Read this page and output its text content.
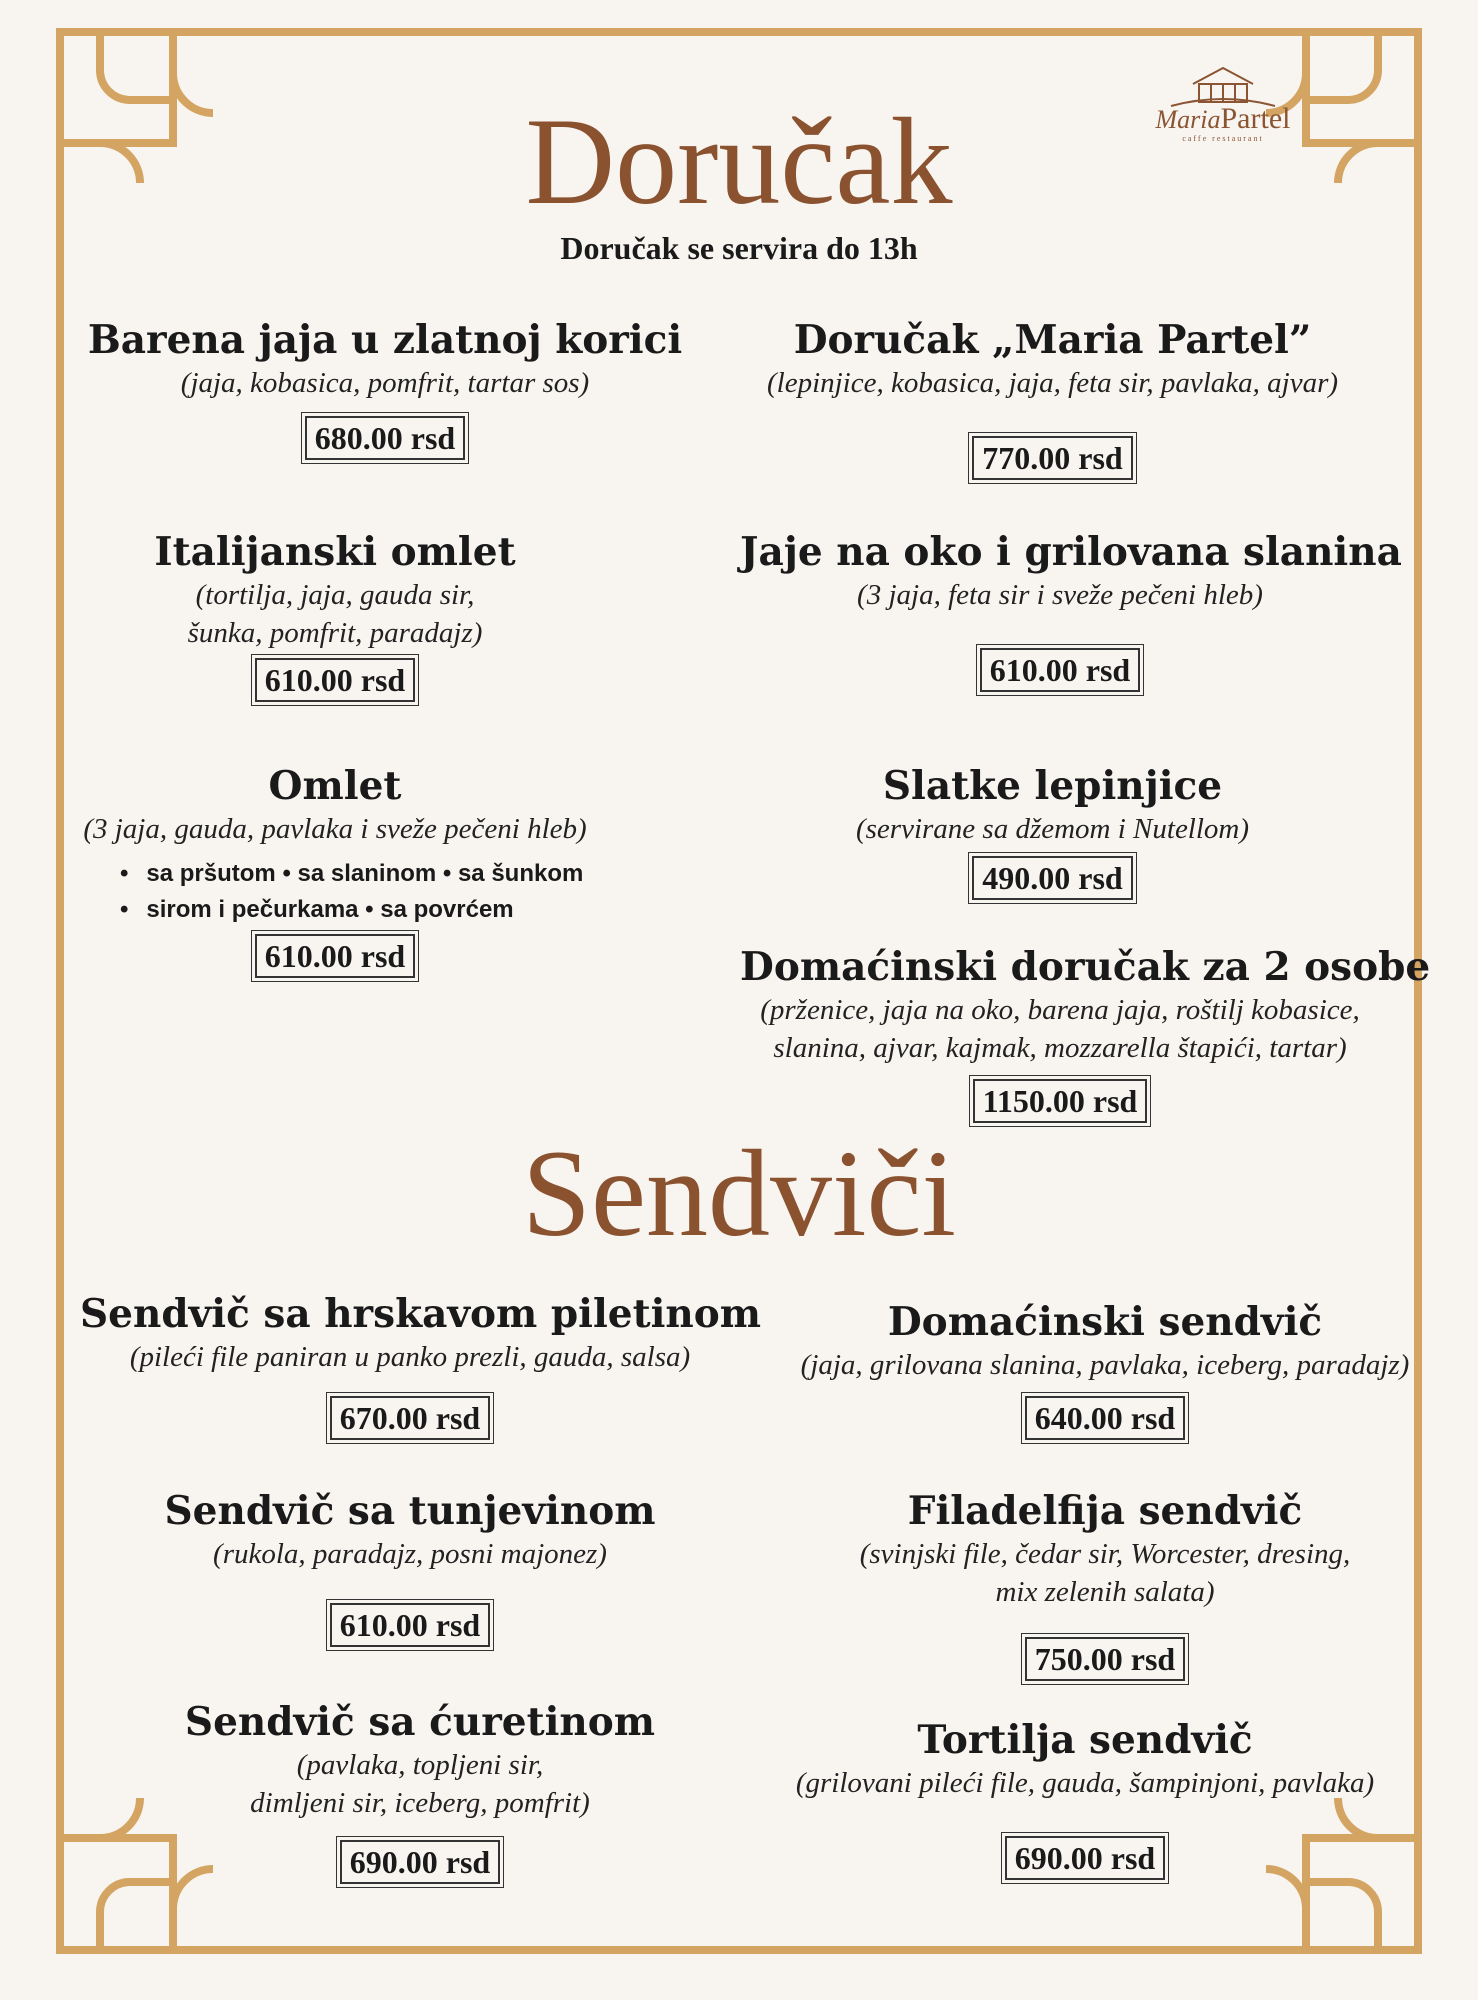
MariaPartel
caffe restaurant
Doručak
Doručak se servira do 13h
Barena jaja u zlatnoj korici
(jaja, kobasica, pomfrit, tartar sos)
680.00 rsd
Doručak „Maria Partel”
(lepinjice, kobasica, jaja, feta sir, pavlaka, ajvar)
770.00 rsd
Italijanski omlet
(tortilja, jaja, gauda sir,
šunka, pomfrit, paradajz)
610.00 rsd
Jaje na oko i grilovana slanina
(3 jaja, feta sir i sveže pečeni hleb)
610.00 rsd
Omlet
(3 jaja, gauda, pavlaka i sveže pečeni hleb)
• sa pršutom • sa slaninom • sa šunkom
• sirom i pečurkama • sa povrćem
610.00 rsd
Slatke lepinjice
(servirane sa džemom i Nutellom)
490.00 rsd
Domaćinski doručak za 2 osobe
(prženice, jaja na oko, barena jaja, roštilj kobasice,
slanina, ajvar, kajmak, mozzarella štapići, tartar)
1150.00 rsd
Sendviči
Sendvič sa hrskavom piletinom
(pileći file paniran u panko prezli, gauda, salsa)
670.00 rsd
Domaćinski sendvič
(jaja, grilovana slanina, pavlaka, iceberg, paradajz)
640.00 rsd
Sendvič sa tunjevinom
(rukola, paradajz, posni majonez)
610.00 rsd
Filadelfija sendvič
(svinjski file, čedar sir, Worcester, dresing,
mix zelenih salata)
750.00 rsd
Sendvič sa ćuretinom
(pavlaka, topljeni sir,
dimljeni sir, iceberg, pomfrit)
690.00 rsd
Tortilja sendvič
(grilovani pileći file, gauda, šampinjoni, pavlaka)
690.00 rsd
